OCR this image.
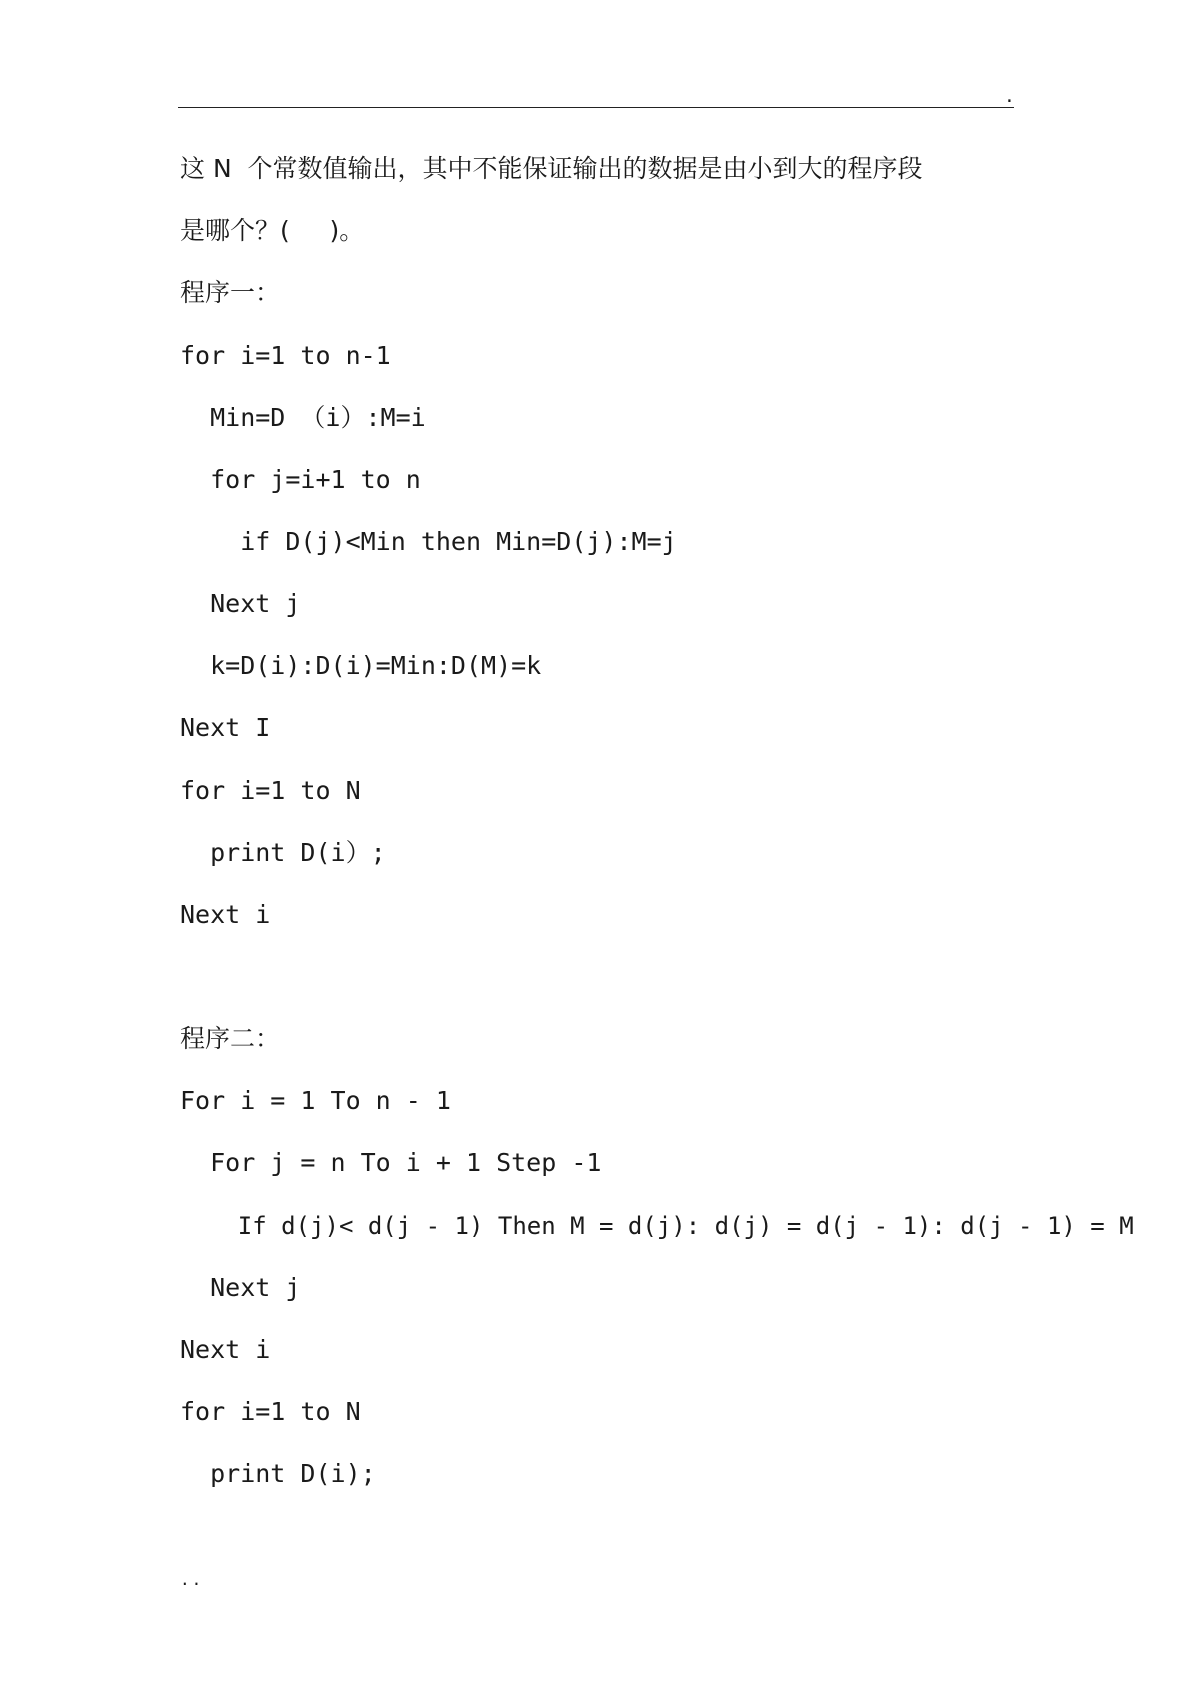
.
这 N  个常数值输出，其中不能保证输出的数据是由小到大的程序段
是哪个？(     )。
程序一：
for i=1 to n-1
Min=D （i）:M=i
for j=i+1 to n
if D(j)<Min then Min=D(j):M=j
Next j
k=D(i):D(i)=Min:D(M)=k
Next I
for i=1 to N
print D(i）;
Next i
程序二：
For i = 1 To n - 1
For j = n To i + 1 Step -1
If d(j)< d(j - 1) Then M = d(j): d(j) = d(j - 1): d(j - 1) = M
Next j
Next i
for i=1 to N
print D(i);
..
